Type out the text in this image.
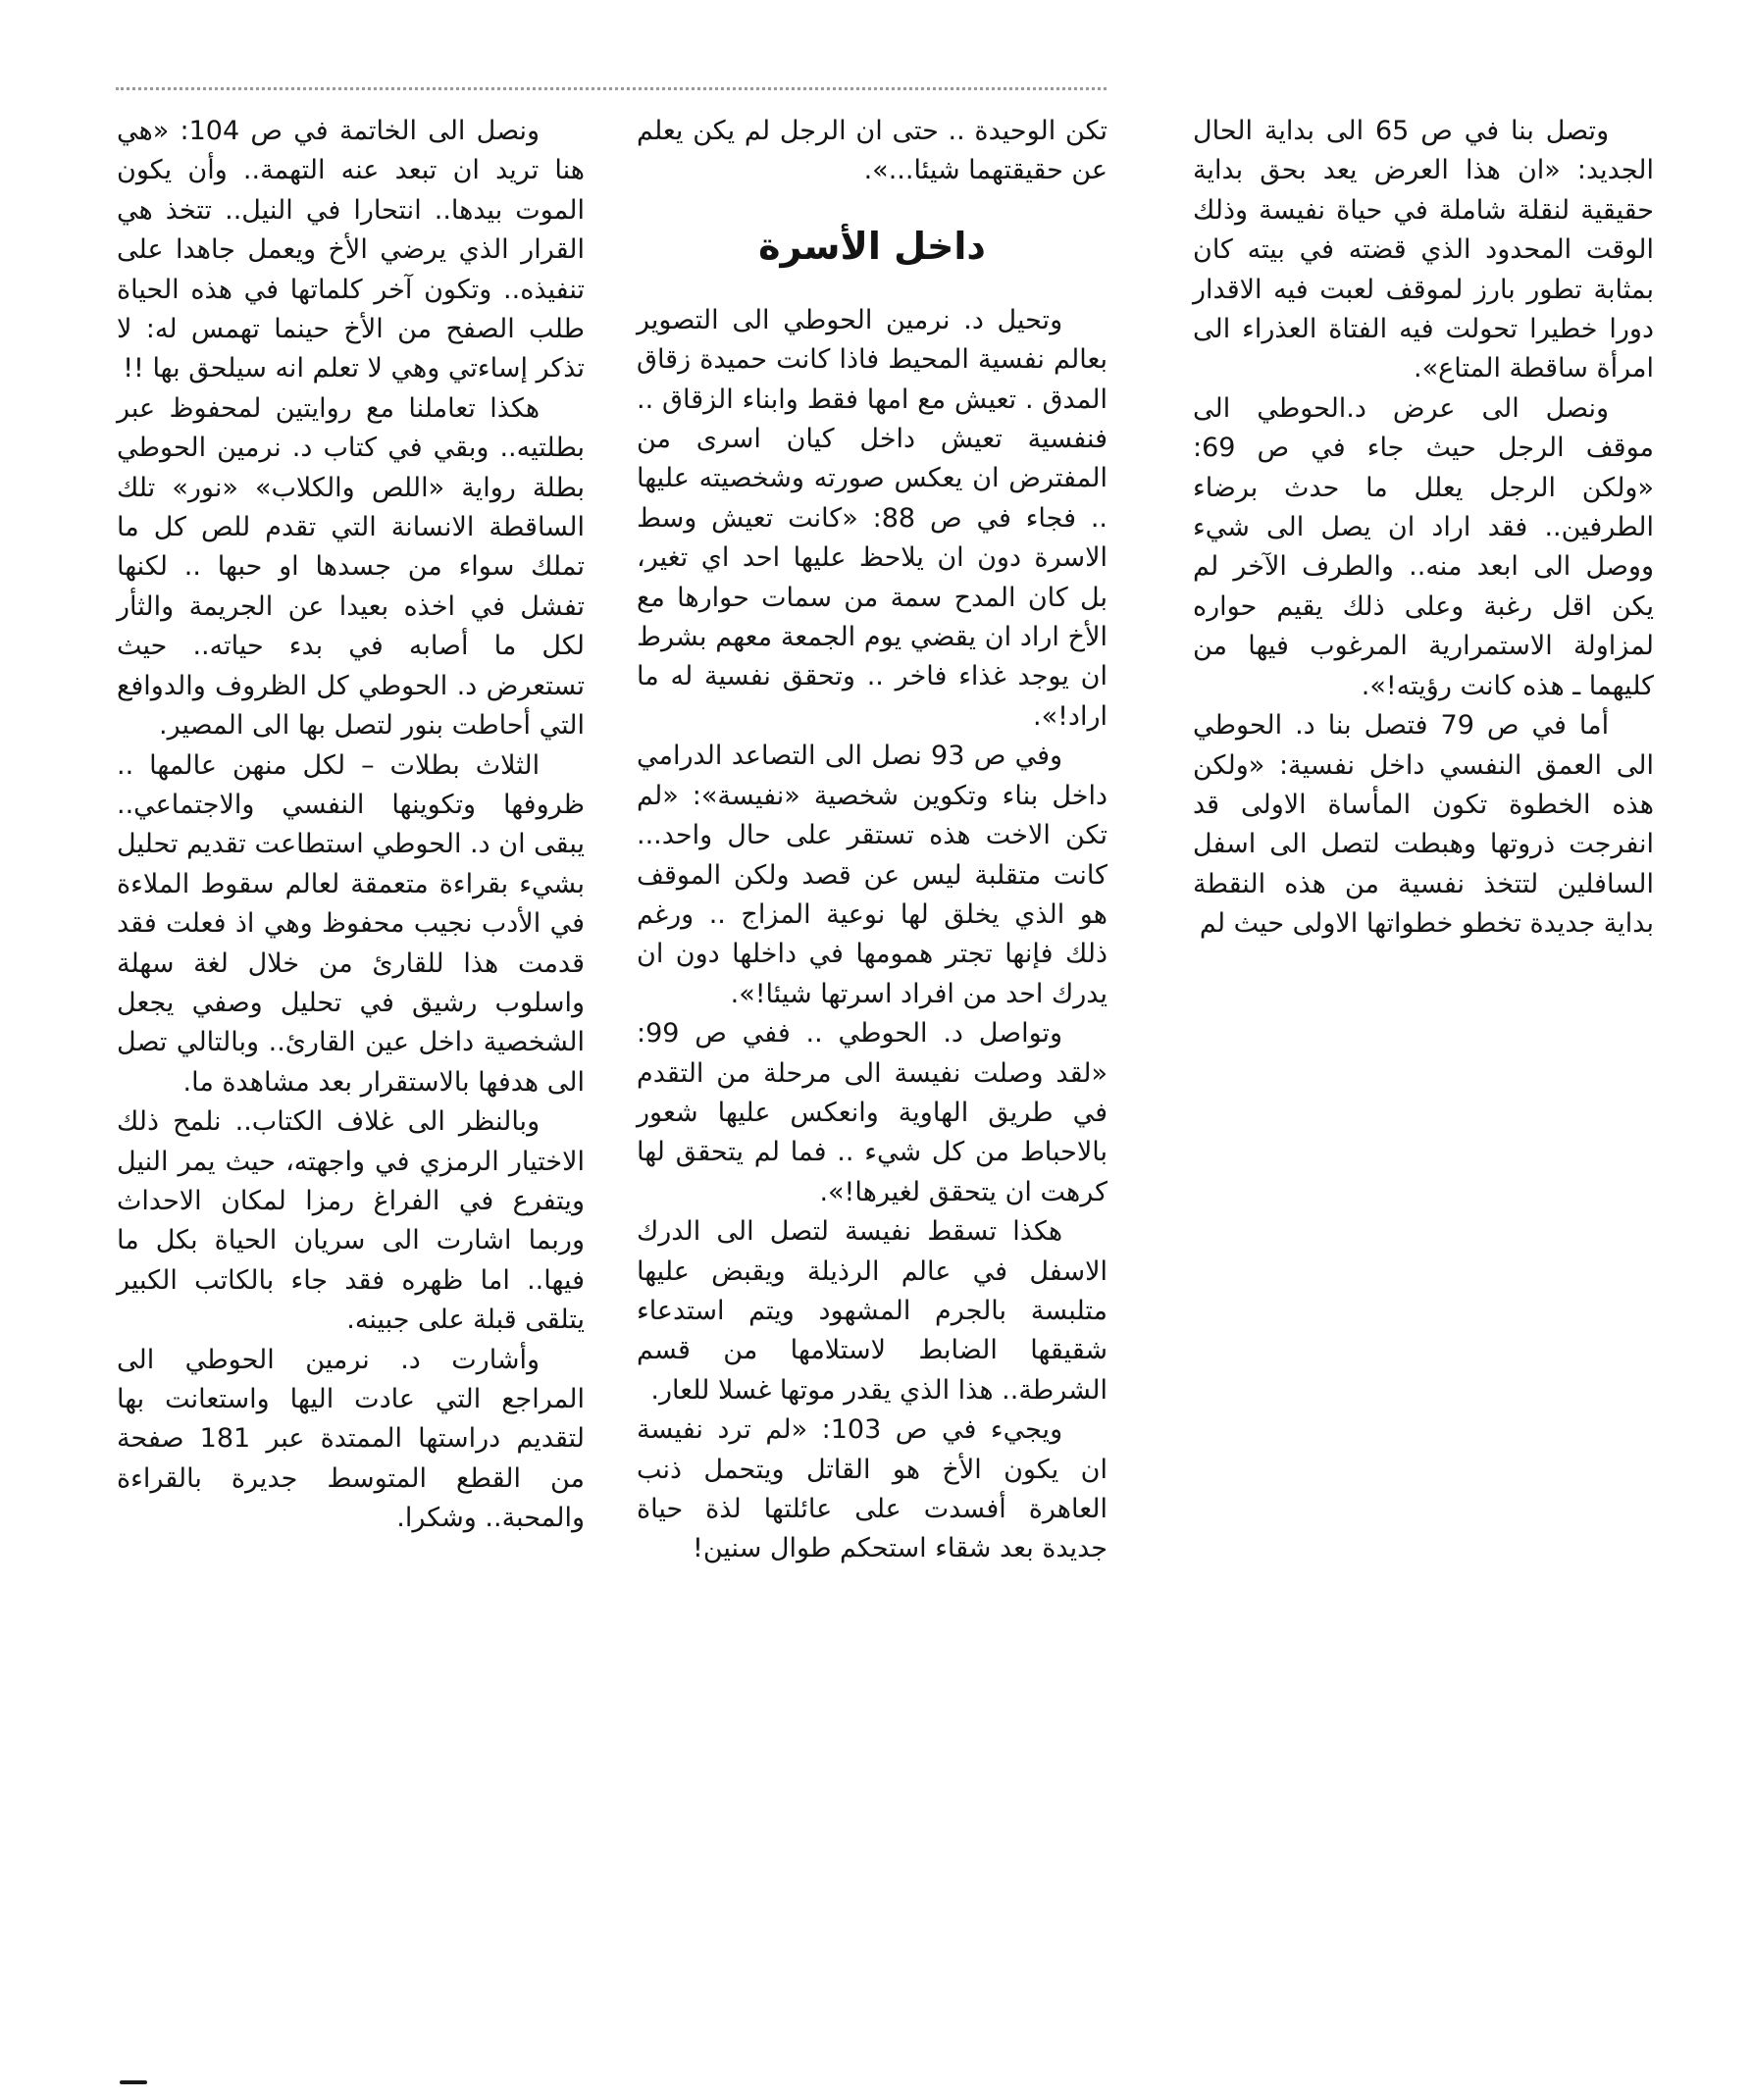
وتصل بنا في ص 65 الى بداية الحال الجديد: «ان هذا العرض يعد بحق بداية حقيقية لنقلة شاملة في حياة نفيسة وذلك الوقت المحدود الذي قضته في بيته كان بمثابة تطور بارز لموقف لعبت فيه الاقدار دورا خطيرا تحولت فيه الفتاة العذراء الى امرأة ساقطة المتاع».

ونصل الى عرض د.الحوطي الى موقف الرجل حيث جاء في ص 69: «ولكن الرجل يعلل ما حدث برضاء الطرفين.. فقد اراد ان يصل الى شيء ووصل الى ابعد منه.. والطرف الآخر لم يكن اقل رغبة وعلى ذلك يقيم حواره لمزاولة الاستمرارية المرغوب فيها من كليهما ـ هذه كانت رؤيته!».

أما في ص 79 فتصل بنا د. الحوطي الى العمق النفسي داخل نفسية: «ولكن هذه الخطوة تكون المأساة الاولى قد انفرجت ذروتها وهبطت لتصل الى اسفل السافلين لتتخذ نفسية من هذه النقطة بداية جديدة تخطو خطواتها الاولى حيث لم

تكن الوحيدة .. حتى ان الرجل لم يكن يعلم عن حقيقتهما شيئا...».

داخل الأسرة

وتحيل د. نرمين الحوطي الى التصوير بعالم نفسية المحيط فاذا كانت حميدة زقاق المدق . تعيش مع امها فقط وابناء الزقاق .. فنفسية تعيش داخل كيان اسرى من المفترض ان يعكس صورته وشخصيته عليها .. فجاء في ص 88: «كانت تعيش وسط الاسرة دون ان يلاحظ عليها احد اي تغير، بل كان المدح سمة من سمات حوارها مع الأخ اراد ان يقضي يوم الجمعة معهم بشرط ان يوجد غذاء فاخر .. وتحقق نفسية له ما اراد!».

وفي ص 93 نصل الى التصاعد الدرامي داخل بناء وتكوين شخصية «نفيسة»: «لم تكن الاخت هذه تستقر على حال واحد... كانت متقلبة ليس عن قصد ولكن الموقف هو الذي يخلق لها نوعية المزاج .. ورغم ذلك فإنها تجتر همومها في داخلها دون ان يدرك احد من افراد اسرتها شيئا!».

وتواصل د. الحوطي .. ففي ص 99: «لقد وصلت نفيسة الى مرحلة من التقدم في طريق الهاوية وانعكس عليها شعور بالاحباط من كل شيء .. فما لم يتحقق لها كرهت ان يتحقق لغيرها!».

هكذا تسقط نفيسة لتصل الى الدرك الاسفل في عالم الرذيلة ويقبض عليها متلبسة بالجرم المشهود ويتم استدعاء شقيقها الضابط لاستلامها من قسم الشرطة.. هذا الذي يقدر موتها غسلا للعار.

ويجيء في ص 103: «لم ترد نفيسة ان يكون الأخ هو القاتل ويتحمل ذنب العاهرة أفسدت على عائلتها لذة حياة جديدة بعد شقاء استحكم طوال سنين!

ونصل الى الخاتمة في ص 104: «هي هنا تريد ان تبعد عنه التهمة.. وأن يكون الموت بيدها.. انتحارا في النيل.. تتخذ هي القرار الذي يرضي الأخ ويعمل جاهدا على تنفيذه.. وتكون آخر كلماتها في هذه الحياة طلب الصفح من الأخ حينما تهمس له: لا تذكر إساءتي وهي لا تعلم انه سيلحق بها !!

هكذا تعاملنا مع روايتين لمحفوظ عبر بطلتيه.. وبقي في كتاب د. نرمين الحوطي بطلة رواية «اللص والكلاب» «نور» تلك الساقطة الانسانة التي تقدم للص كل ما تملك سواء من جسدها او حبها .. لكنها تفشل في اخذه بعيدا عن الجريمة والثأر لكل ما أصابه في بدء حياته.. حيث تستعرض د. الحوطي كل الظروف والدوافع التي أحاطت بنور لتصل بها الى المصير.

الثلاث بطلات – لكل منهن عالمها .. ظروفها وتكوينها النفسي والاجتماعي.. يبقى ان د. الحوطي استطاعت تقديم تحليل بشيء بقراءة متعمقة لعالم سقوط الملاءة في الأدب نجيب محفوظ وهي اذ فعلت فقد قدمت هذا للقارئ من خلال لغة سهلة واسلوب رشيق في تحليل وصفي يجعل الشخصية داخل عين القارئ.. وبالتالي تصل الى هدفها بالاستقرار بعد مشاهدة ما.

وبالنظر الى غلاف الكتاب.. نلمح ذلك الاختيار الرمزي في واجهته، حيث يمر النيل ويتفرع في الفراغ رمزا لمكان الاحداث وربما اشارت الى سريان الحياة بكل ما فيها.. اما ظهره فقد جاء بالكاتب الكبير يتلقى قبلة على جبينه.

وأشارت د. نرمين الحوطي الى المراجع التي عادت اليها واستعانت بها لتقديم دراستها الممتدة عبر 181 صفحة من القطع المتوسط جديرة بالقراءة والمحبة.. وشكرا.
